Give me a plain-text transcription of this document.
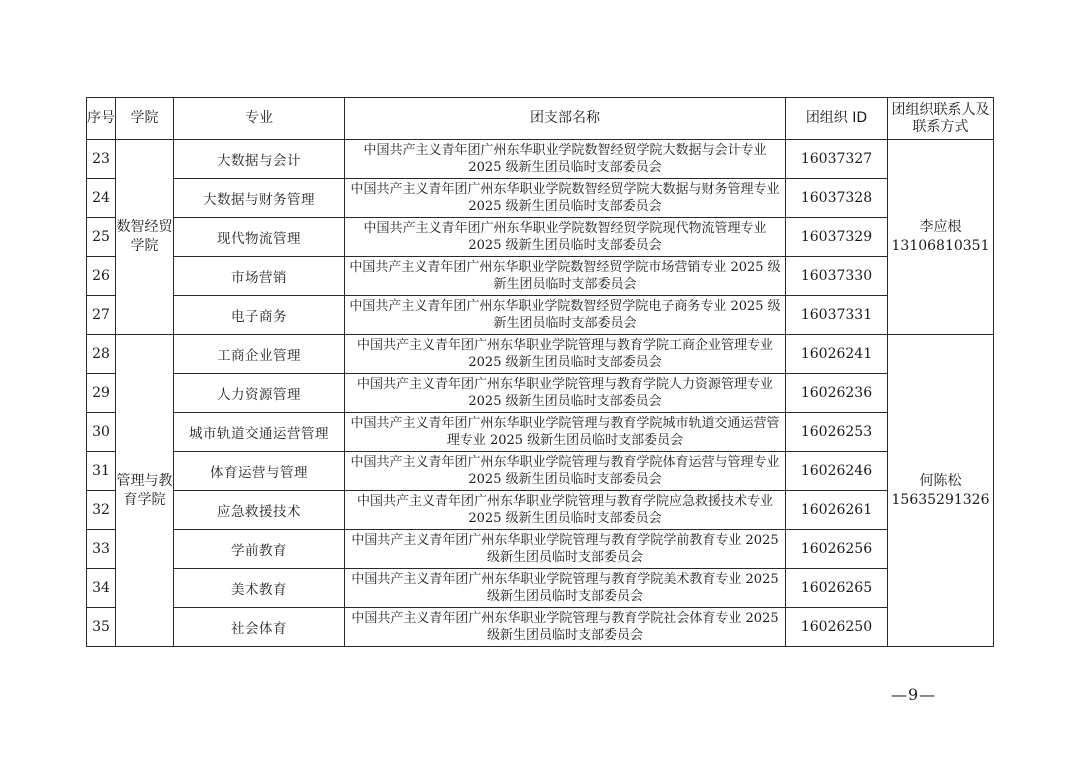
序号	学院	专业	团支部名称	团组织 ID	团组织联系人及联系方式
23	数智经贸学院	大数据与会计	中国共产主义青年团广州东华职业学院数智经贸学院大数据与会计专业 2025 级新生团员临时支部委员会	16037327	李应根
13106810351

24		大数据与财务管理	中国共产主义青年团广州东华职业学院数智经贸学院大数据与财务管理专业 2025 级新生团员临时支部委员会	16037328	
25		现代物流管理	中国共产主义青年团广州东华职业学院数智经贸学院现代物流管理专业 2025 级新生团员临时支部委员会	16037329	
26		市场营销	中国共产主义青年团广州东华职业学院数智经贸学院市场营销专业 2025 级新生团员临时支部委员会	16037330	
27		电子商务	中国共产主义青年团广州东华职业学院数智经贸学院电子商务专业 2025 级新生团员临时支部委员会	16037331	
28	管理与教育学院	工商企业管理	中国共产主义青年团广州东华职业学院管理与教育学院工商企业管理专业 2025 级新生团员临时支部委员会	16026241	何陈松
15635291326

29		人力资源管理	中国共产主义青年团广州东华职业学院管理与教育学院人力资源管理专业 2025 级新生团员临时支部委员会	16026236	
30		城市轨道交通运营管理	中国共产主义青年团广州东华职业学院管理与教育学院城市轨道交通运营管理专业 2025 级新生团员临时支部委员会	16026253	
31		体育运营与管理	中国共产主义青年团广州东华职业学院管理与教育学院体育运营与管理专业 2025 级新生团员临时支部委员会	16026246	
32		应急救援技术	中国共产主义青年团广州东华职业学院管理与教育学院应急救援技术专业 2025 级新生团员临时支部委员会	16026261	
33		学前教育	中国共产主义青年团广州东华职业学院管理与教育学院学前教育专业 2025 级新生团员临时支部委员会	16026256	
34		美术教育	中国共产主义青年团广州东华职业学院管理与教育学院美术教育专业 2025 级新生团员临时支部委员会	16026265	
35		社会体育	中国共产主义青年团广州东华职业学院管理与教育学院社会体育专业 2025 级新生团员临时支部委员会	16026250	
—9—
